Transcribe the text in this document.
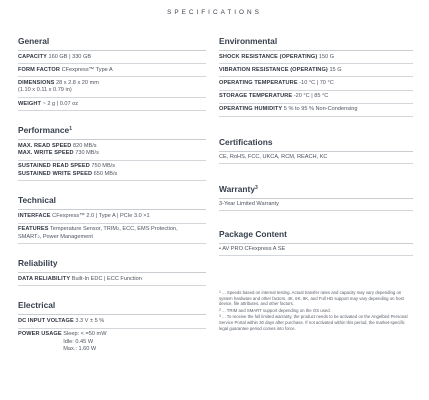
SPECIFICATIONS
General
CAPACITY 160 GB | 330 GB
FORM FACTOR CFexpress™ Type A
DIMENSIONS 28 x 2.8 x 20 mm
(1.10 x 0.11 x 0.79 in)
WEIGHT ~ 2 g | 0.07 oz
Performance$^1$
MAX. READ SPEED 820 MB/s
MAX. WRITE SPEED 730 MB/s
SUSTAINED READ SPEED 750 MB/s
SUSTAINED WRITE SPEED 650 MB/s
Technical
INTERFACE CFexpress™ 2.0 | Type A | PCIe 3.0 ×1
FEATURES Temperature Sensor, TRIM$^2$, ECC, EMS Protection,
SMART$^2$, Power Management
Reliability
DATA RELIABILITY Built-In EDC | ECC Function
Electrical
DC INPUT VOLTAGE 3.3 V ± 5 %
POWER USAGE Sleep: < =50 mW
Idle: 0.45 W
Max.: 1.60 W
Environmental
SHOCK RESISTANCE (OPERATING) 150 G
VIBRATION RESISTANCE (OPERATING) 15 G
OPERATING TEMPERATURE -10 °C | 70 °C
STORAGE TEMPERATURE -20 °C | 85 °C
OPERATING HUMIDITY 5 % to 95 % Non-Condensing
Certifications
CE, RoHS, FCC, UKCA, RCM, REACH, KC
Warranty$^3$
3-Year Limited Warranty
Package Content
• AV PRO CFexpress A SE

$^1$ ... Speeds based on internal testing. Actual transfer rates and capacity may vary depending on system hardware and other factors. 4K, 6K, 8K, and Full HD support may vary depending on host device, file attributes, and other factors.

$^2$ ... TRIM and SMART support depending on the OS used.

$^3$ ... To receive the full limited warranty, the product needs to be activated on the Angelbird Personal Service Portal within 30 days after purchase. If not activated within this period, the market-specific legal guarantee period comes into force.
